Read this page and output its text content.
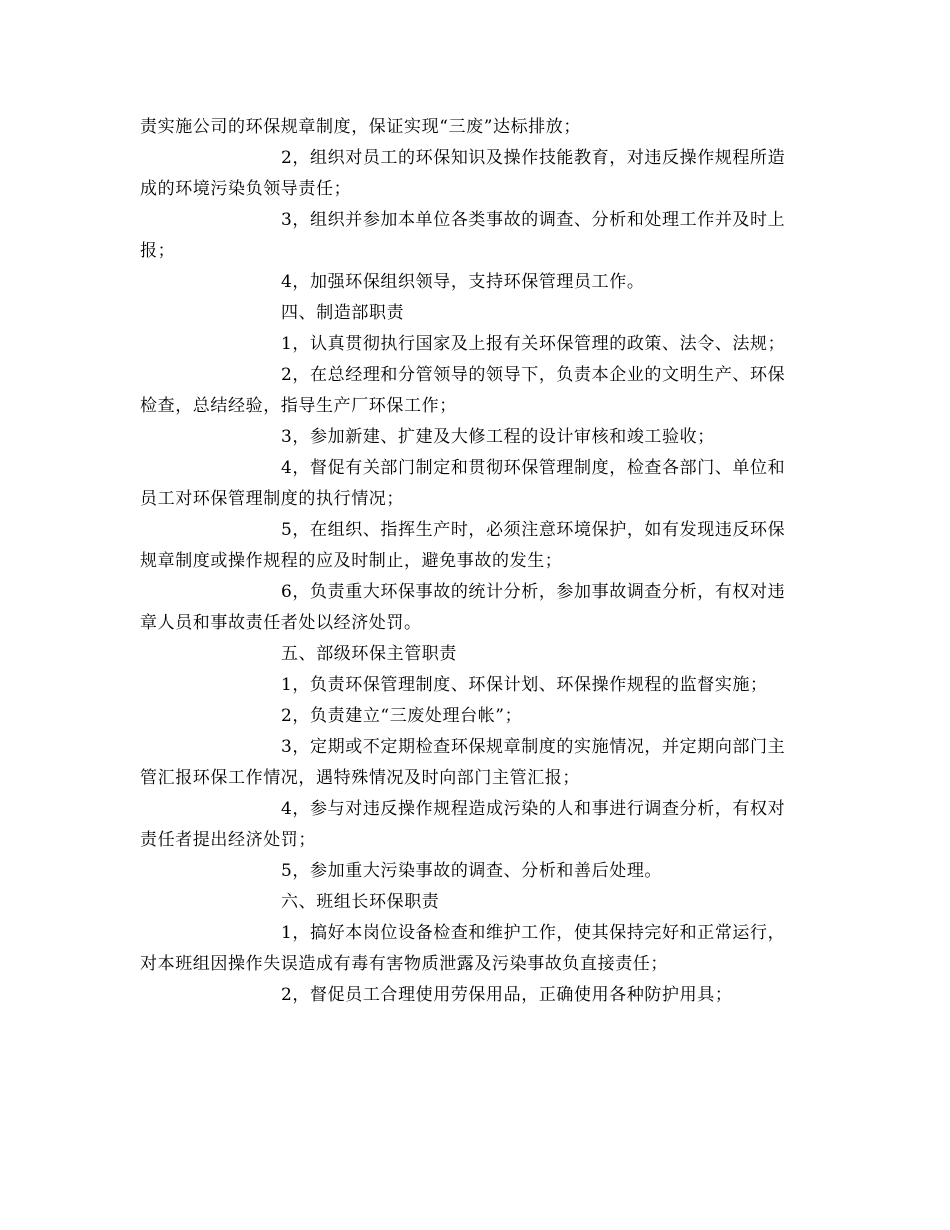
责实施公司的环保规章制度，保证实现“三废”达标排放；
2，组织对员工的环保知识及操作技能教育，对违反操作规程所造
成的环境污染负领导责任；
3，组织并参加本单位各类事故的调查、分析和处理工作并及时上
报；
4，加强环保组织领导，支持环保管理员工作。
四、制造部职责
1，认真贯彻执行国家及上报有关环保管理的政策、法令、法规；
2，在总经理和分管领导的领导下，负责本企业的文明生产、环保
检查，总结经验，指导生产厂环保工作；
3，参加新建、扩建及大修工程的设计审核和竣工验收；
4，督促有关部门制定和贯彻环保管理制度，检查各部门、单位和
员工对环保管理制度的执行情况；
5，在组织、指挥生产时，必须注意环境保护，如有发现违反环保
规章制度或操作规程的应及时制止，避免事故的发生；
6，负责重大环保事故的统计分析，参加事故调查分析，有权对违
章人员和事故责任者处以经济处罚。
五、部级环保主管职责
1，负责环保管理制度、环保计划、环保操作规程的监督实施；
2，负责建立“三废处理台帐”；
3，定期或不定期检查环保规章制度的实施情况，并定期向部门主
管汇报环保工作情况，遇特殊情况及时向部门主管汇报；
4，参与对违反操作规程造成污染的人和事进行调查分析，有权对
责任者提出经济处罚；
5，参加重大污染事故的调查、分析和善后处理。
六、班组长环保职责
1，搞好本岗位设备检查和维护工作，使其保持完好和正常运行，
对本班组因操作失误造成有毒有害物质泄露及污染事故负直接责任；
2，督促员工合理使用劳保用品，正确使用各种防护用具；
